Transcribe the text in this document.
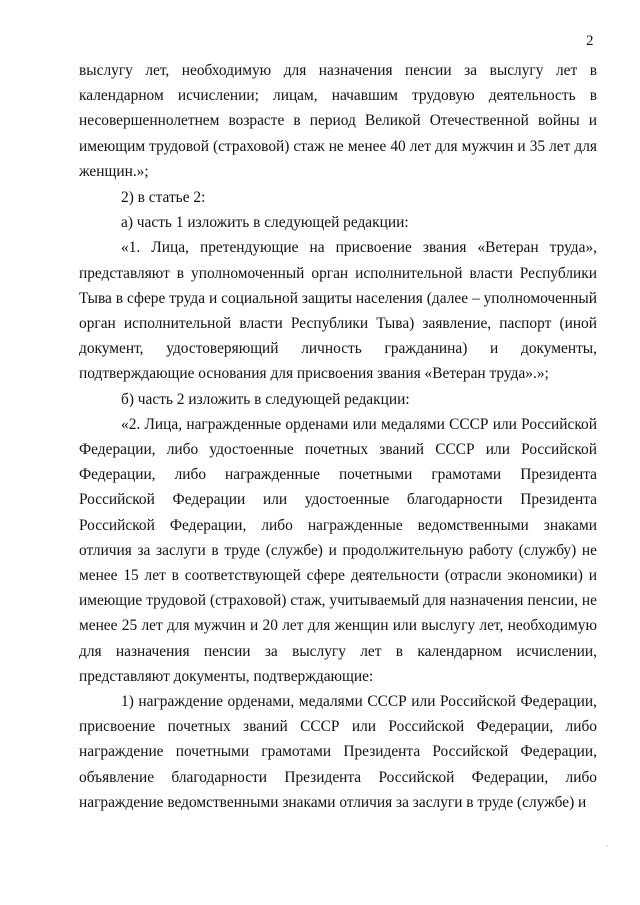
2

выслугу лет, необходимую для назначения пенсии за выслугу лет в календарном исчислении; лицам, начавшим трудовую деятельность в несовершеннолетнем возрасте в период Великой Отечественной войны и имеющим трудовой (страховой) стаж не менее 40 лет для мужчин и 35 лет для женщин.»;

2) в статье 2:

а) часть 1 изложить в следующей редакции:

«1. Лица, претендующие на присвоение звания «Ветеран труда», представляют в уполномоченный орган исполнительной власти Республики Тыва в сфере труда и социальной защиты населения (далее – уполномоченный орган исполнительной власти Республики Тыва) заявление, паспорт (иной документ, удостоверяющий личность гражданина) и документы, подтверждающие основания для присвоения звания «Ветеран труда».»;

б) часть 2 изложить в следующей редакции:

«2. Лица, награжденные орденами или медалями СССР или Российской Федерации, либо удостоенные почетных званий СССР или Российской Федерации, либо награжденные почетными грамотами Президента Российской Федерации или удостоенные благодарности Президента Российской Федерации, либо награжденные ведомственными знаками отличия за заслуги в труде (службе) и продолжительную работу (службу) не менее 15 лет в соответствующей сфере деятельности (отрасли экономики) и имеющие трудовой (страховой) стаж, учитываемый для назначения пенсии, не менее 25 лет для мужчин и 20 лет для женщин или выслугу лет, необходимую для назначения пенсии за выслугу лет в календарном исчислении, представляют документы, подтверждающие:

1) награждение орденами, медалями СССР или Российской Федерации, присвоение почетных званий СССР или Российской Федерации, либо награждение почетными грамотами Президента Российской Федерации, объявление благодарности Президента Российской Федерации, либо награждение ведомственными знаками отличия за заслуги в труде (службе) и

·
